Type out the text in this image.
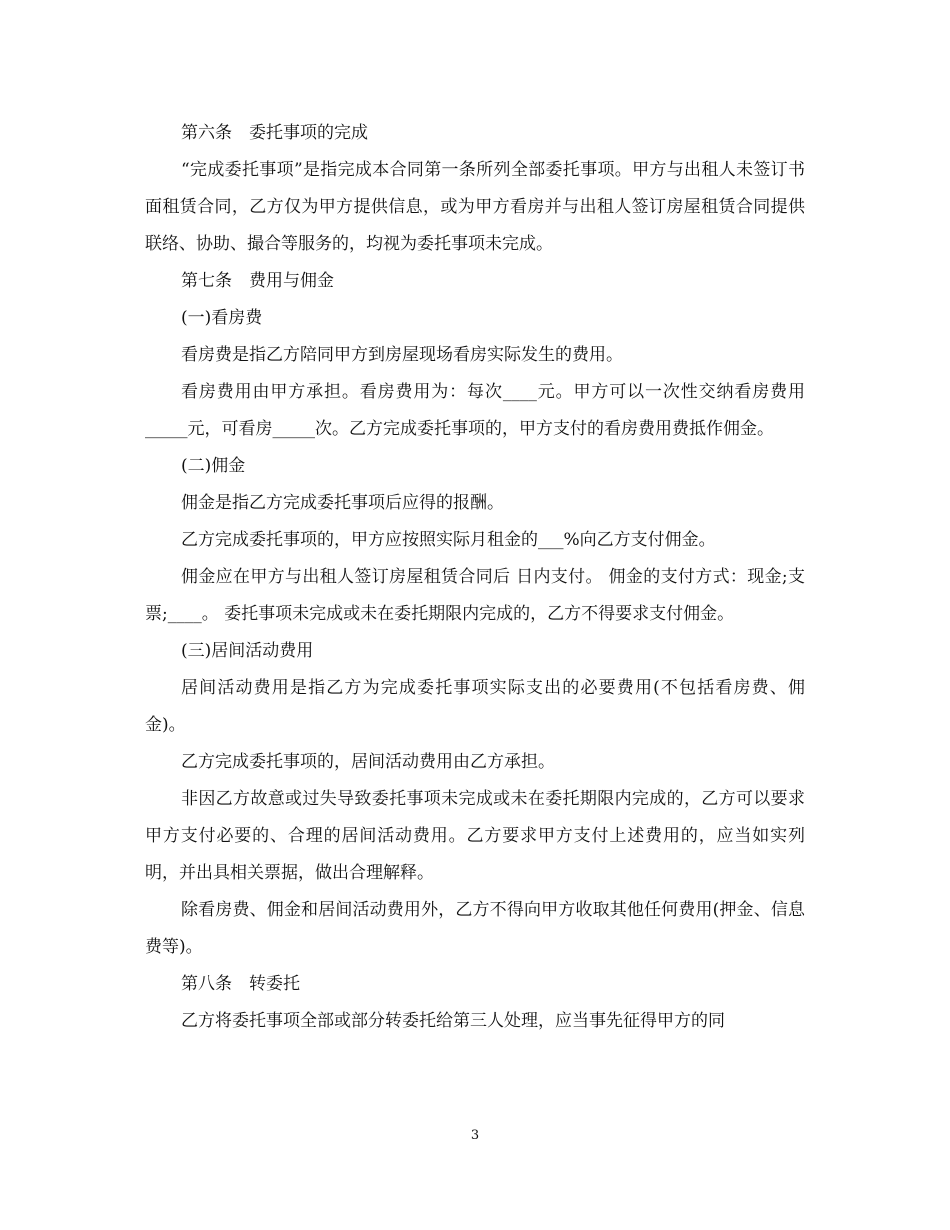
第六条　委托事项的完成

“完成委托事项”是指完成本合同第一条所列全部委托事项。甲方与出租人未签订书面租赁合同，乙方仅为甲方提供信息，或为甲方看房并与出租人签订房屋租赁合同提供联络、协助、撮合等服务的，均视为委托事项未完成。

第七条　费用与佣金

(一)看房费

看房费是指乙方陪同甲方到房屋现场看房实际发生的费用。

看房费用由甲方承担。看房费用为：每次____元。甲方可以一次性交纳看房费用_____元，可看房_____次。乙方完成委托事项的，甲方支付的看房费用费抵作佣金。

(二)佣金

佣金是指乙方完成委托事项后应得的报酬。

乙方完成委托事项的，甲方应按照实际月租金的___%向乙方支付佣金。

佣金应在甲方与出租人签订房屋租赁合同后 日内支付。 佣金的支付方式：现金;支票;____。 委托事项未完成或未在委托期限内完成的，乙方不得要求支付佣金。

(三)居间活动费用

居间活动费用是指乙方为完成委托事项实际支出的必要费用(不包括看房费、佣金)。

乙方完成委托事项的，居间活动费用由乙方承担。

非因乙方故意或过失导致委托事项未完成或未在委托期限内完成的，乙方可以要求甲方支付必要的、合理的居间活动费用。乙方要求甲方支付上述费用的，应当如实列明，并出具相关票据，做出合理解释。

除看房费、佣金和居间活动费用外，乙方不得向甲方收取其他任何费用(押金、信息费等)。

第八条　转委托

乙方将委托事项全部或部分转委托给第三人处理，应当事先征得甲方的同

3
